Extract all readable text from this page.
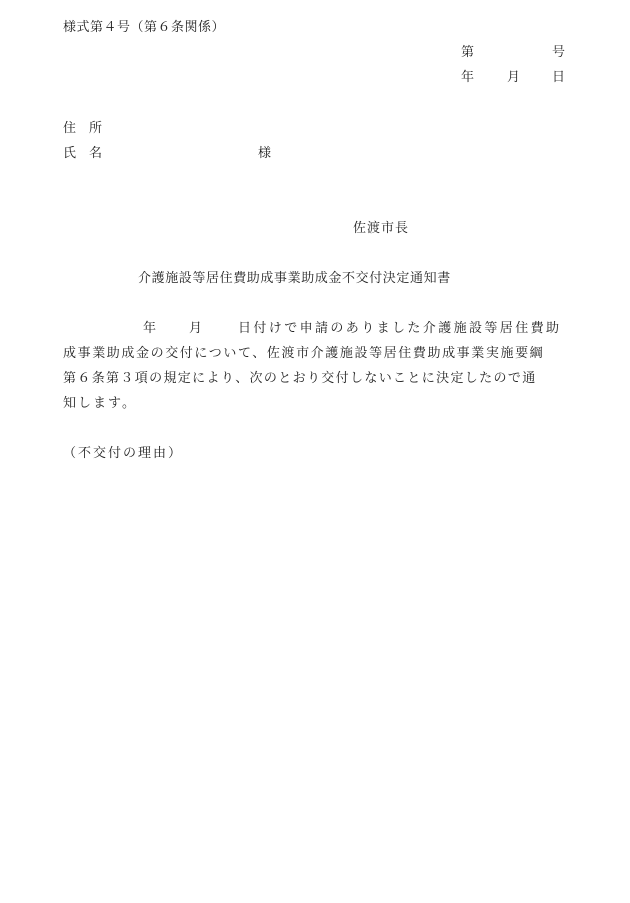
様式第４号（第６条関係）
第	号
年	月 日
住所
氏名	様
佐渡市長
介護施設等居住費助成事業助成金不交付決定通知書
年	月	日付けで申請のありました介護施設等居住費助
成事業助成金の交付について、佐渡市介護施設等居住費助成事業実施要綱
第６条第３項の規定により、次のとおり交付しないことに決定したので通
知します。
（不交付の理由）
